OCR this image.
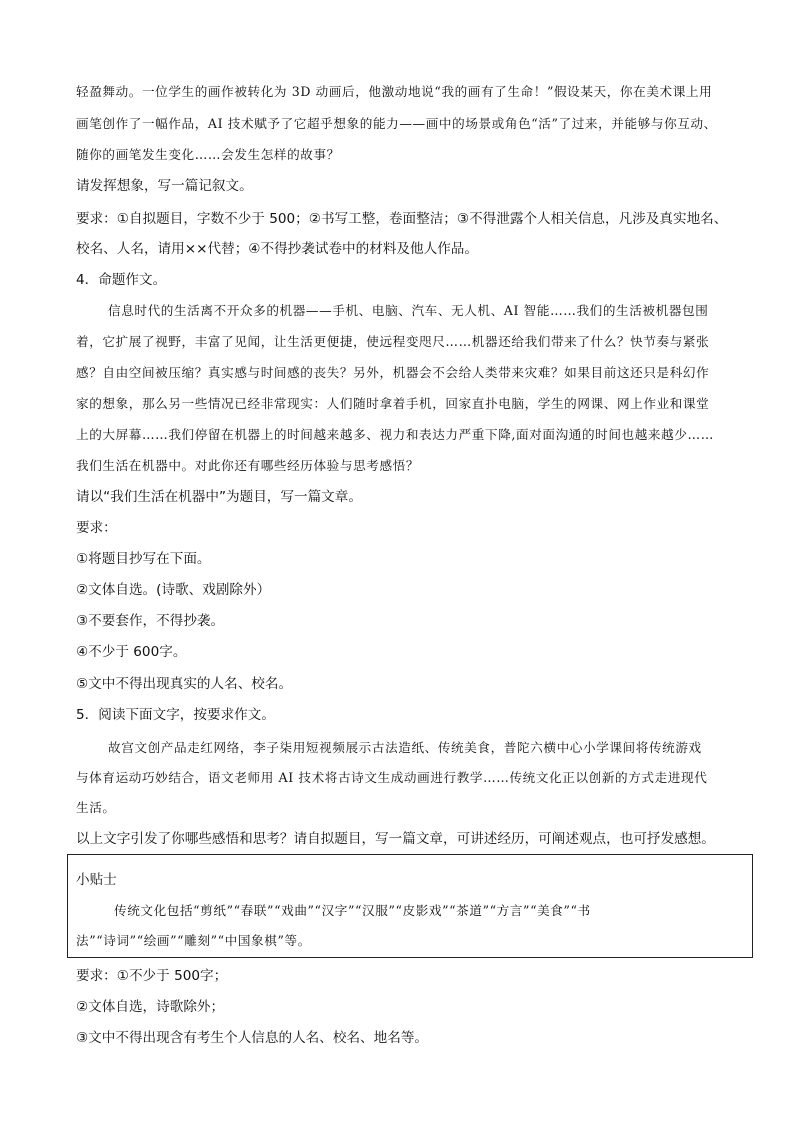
轻盈舞动。一位学生的画作被转化为 3D 动画后，他激动地说“我的画有了生命！”假设某天，你在美术课上用
画笔创作了一幅作品，AI 技术赋予了它超乎想象的能力——画中的场景或角色“活”了过来，并能够与你互动、
随你的画笔发生变化……会发生怎样的故事？
请发挥想象，写一篇记叙文。
要求：①自拟题目，字数不少于 500；②书写工整，卷面整洁；③不得泄露个人相关信息，凡涉及真实地名、
校名、人名，请用××代替；④不得抄袭试卷中的材料及他人作品。
4．命题作文。
信息时代的生活离不开众多的机器——手机、电脑、汽车、无人机、AI 智能……我们的生活被机器包围
着，它扩展了视野，丰富了见闻，让生活更便捷，使远程变咫尺……机器还给我们带来了什么？快节奏与紧张
感？自由空间被压缩？真实感与时间感的丧失？另外，机器会不会给人类带来灾难？如果目前这还只是科幻作
家的想象，那么另一些情况已经非常现实：人们随时拿着手机，回家直扑电脑，学生的网课、网上作业和课堂
上的大屏幕……我们停留在机器上的时间越来越多、视力和表达力严重下降,面对面沟通的时间也越来越少……
我们生活在机器中。对此你还有哪些经历体验与思考感悟？
请以“我们生活在机器中”为题目，写一篇文章。
要求：
①将题目抄写在下面。
②文体自选。(诗歌、戏剧除外）
③不要套作，不得抄袭。
④不少于 600字。
⑤文中不得出现真实的人名、校名。
5．阅读下面文字，按要求作文。
故宫文创产品走红网络，李子柒用短视频展示古法造纸、传统美食，普陀六横中心小学课间将传统游戏
与体育运动巧妙结合，语文老师用 AI 技术将古诗文生成动画进行教学……传统文化正以创新的方式走进现代
生活。
以上文字引发了你哪些感悟和思考？请自拟题目，写一篇文章，可讲述经历，可阐述观点，也可抒发感想。
小贴士
传统文化包括“剪纸”“春联”“戏曲”“汉字”“汉服”“皮影戏”“茶道”“方言”“美食”“书
法”“诗词”“绘画”“雕刻”“中国象棋”等。
要求：①不少于 500字；
②文体自选，诗歌除外；
③文中不得出现含有考生个人信息的人名、校名、地名等。
